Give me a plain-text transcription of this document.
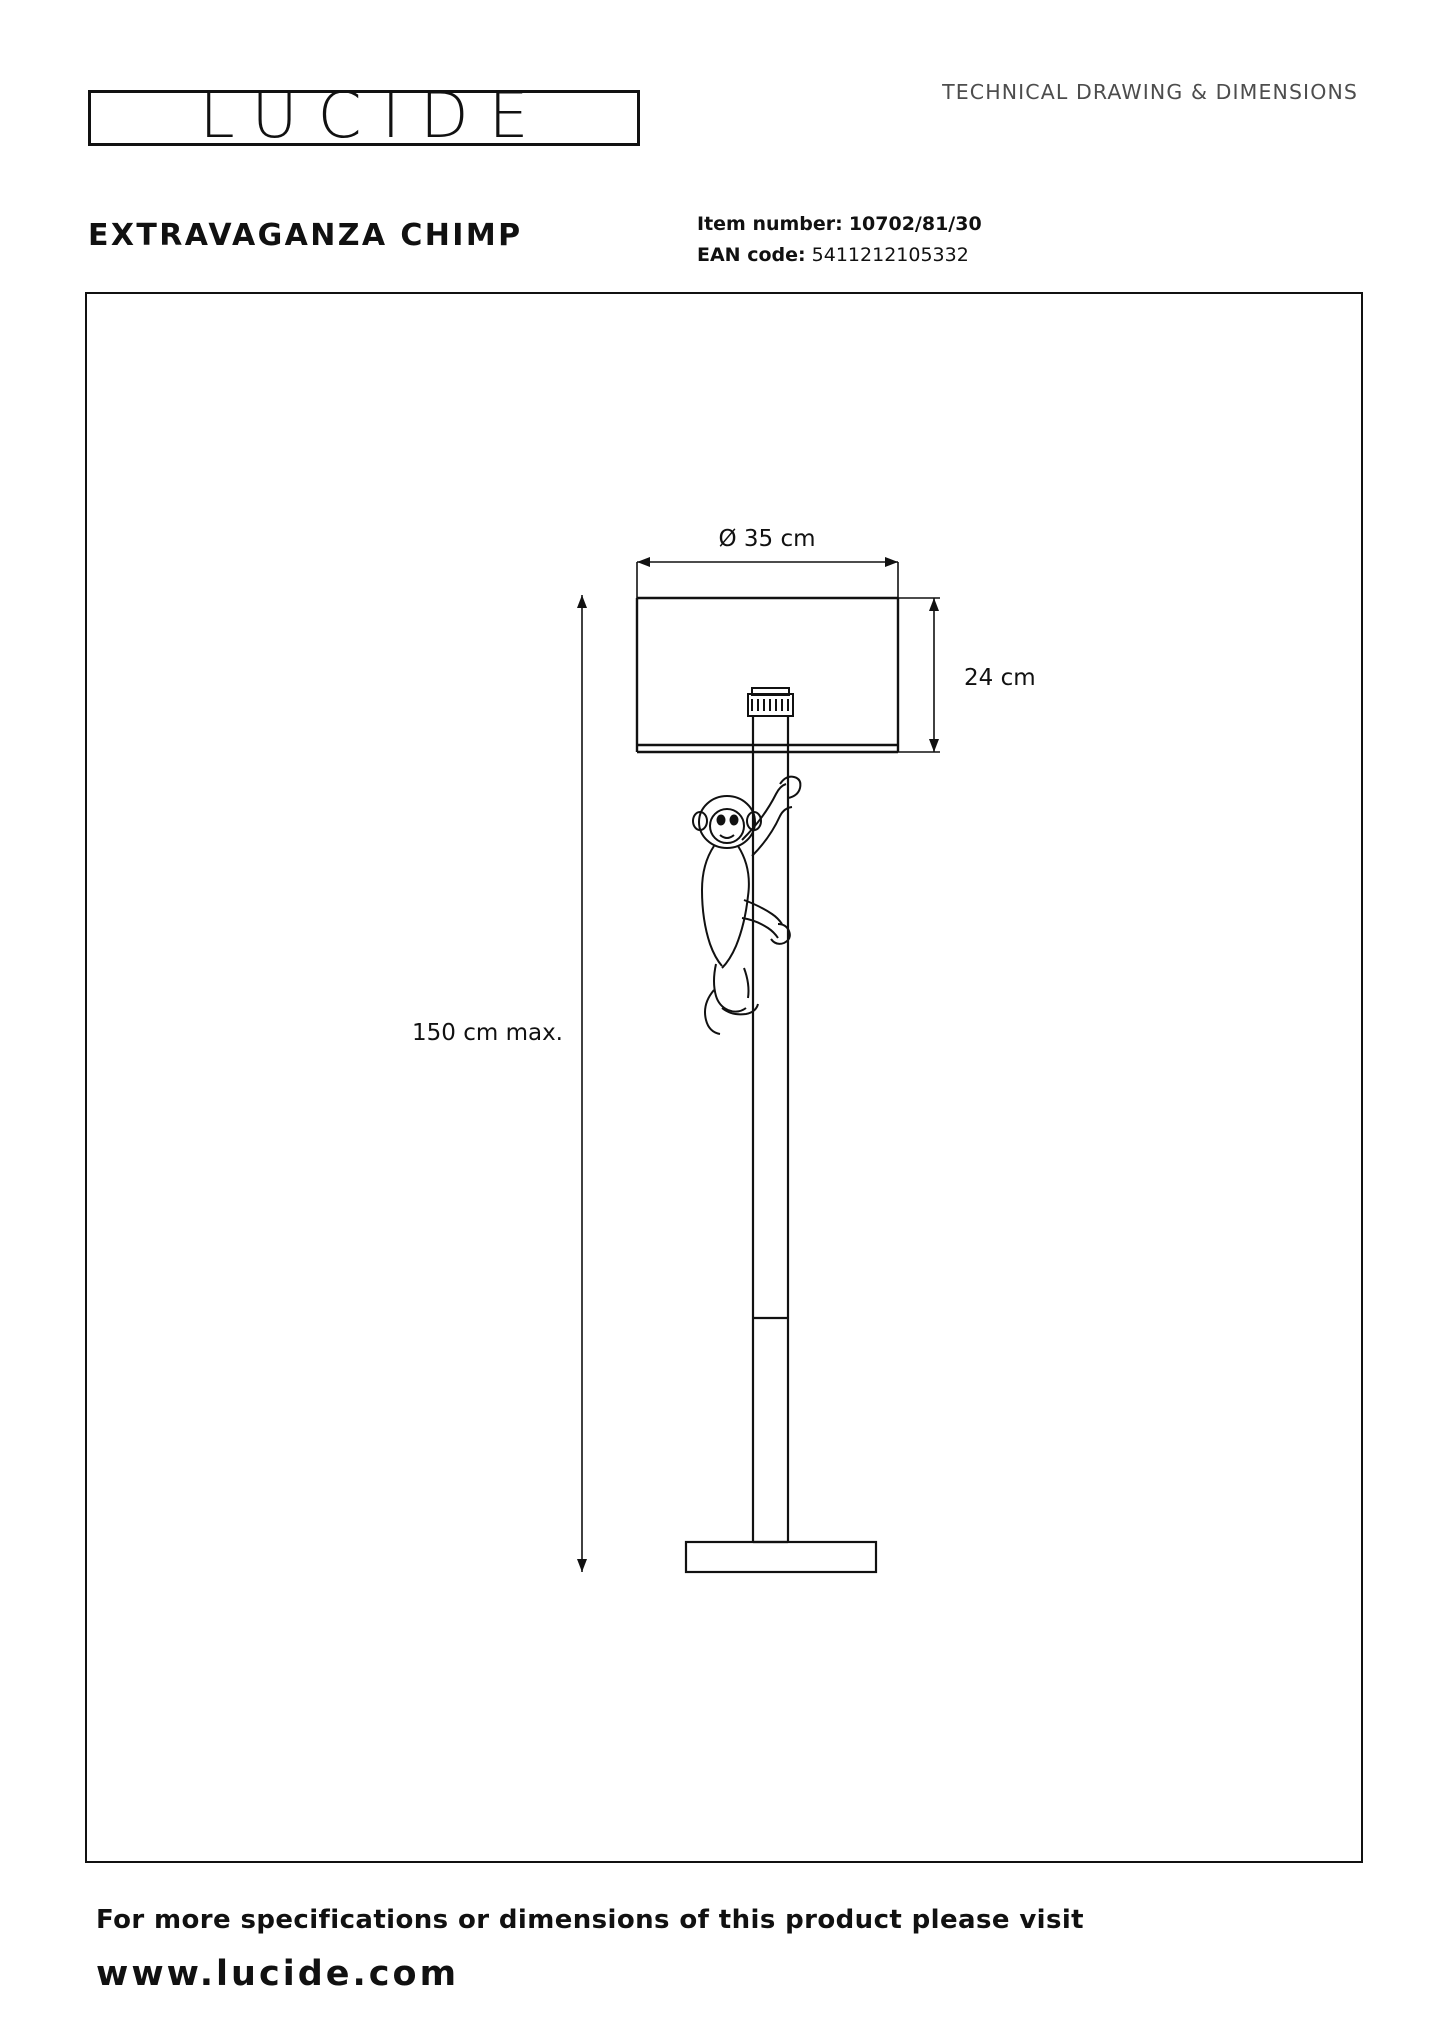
LUCIDE	TECHNICAL DRAWING & DIMENSIONS
EXTRAVAGANZA CHIMP	Item number: 10702/81/30
EAN code: 5411212105332
Ø 35 cm
24 cm
150 cm max.
For more specifications or dimensions of this product please visit
www.lucide.com
